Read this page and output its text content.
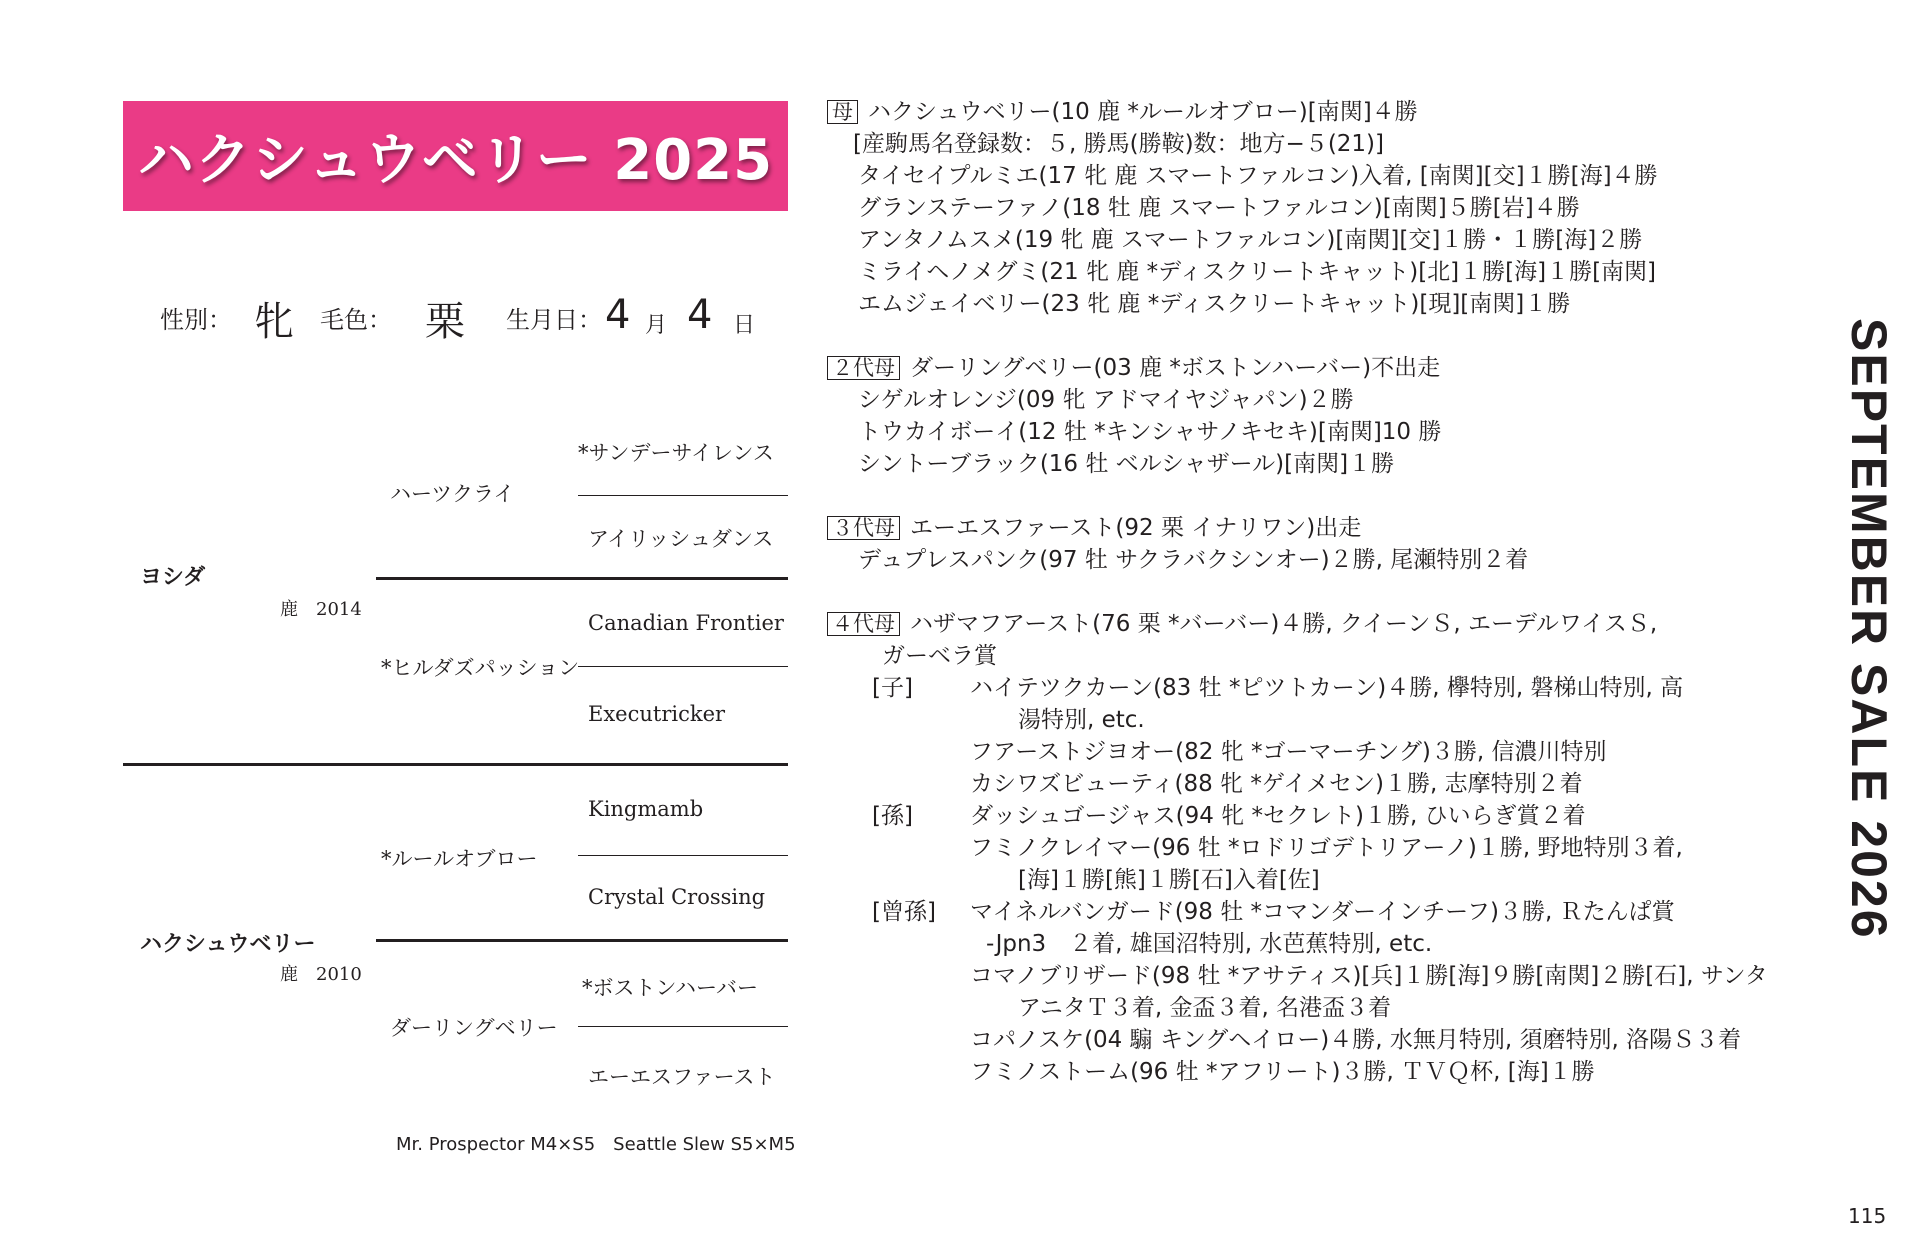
ハクシュウベリー 2025
性別： 牝 毛色： 栗 生月日： 4 月 4 日
*サンデーサイレンス
ハーツクライ
アイリッシュダンス
ヨシダ
鹿　2014
Canadian Frontier
*ヒルダズパッション
Executricker
Kingmamb
*ルールオブロー
Crystal Crossing
ハクシュウベリー
鹿　2010
*ボストンハーバー
ダーリングベリー
エーエスファースト
Mr. Prospector M4×S5　Seattle Slew S5×M5
母 ハクシュウベリー(10 鹿 *ルールオブロー)[南関]４勝
[産駒馬名登録数：５, 勝馬(勝鞍)数：地方−５(21)]
タイセイプルミエ(17 牝 鹿 スマートファルコン)入着, [南関][交]１勝[海]４勝
グランステーファノ(18 牡 鹿 スマートファルコン)[南関]５勝[岩]４勝
アンタノムスメ(19 牝 鹿 スマートファルコン)[南関][交]１勝・１勝[海]２勝
ミライヘノメグミ(21 牝 鹿 *ディスクリートキャット)[北]１勝[海]１勝[南関]
エムジェイベリー(23 牝 鹿 *ディスクリートキャット)[現][南関]１勝
２代母 ダーリングベリー(03 鹿 *ボストンハーバー)不出走
シゲルオレンジ(09 牝 アドマイヤジャパン)２勝
トウカイボーイ(12 牡 *キンシャサノキセキ)[南関]10 勝
シントーブラック(16 牡 ベルシャザール)[南関]１勝
３代母 エーエスファースト(92 栗 イナリワン)出走
デュプレスパンク(97 牡 サクラバクシンオー)２勝, 尾瀬特別２着
４代母 ハザマフアースト(76 栗 *バーバー)４勝, クイーンＳ, エーデルワイスＳ,
ガーベラ賞
[子] ハイテツクカーン(83 牡 *ピツトカーン)４勝, 欅特別, 磐梯山特別, 高
湯特別, etc.
フアーストジヨオー(82 牝 *ゴーマーチング)３勝, 信濃川特別
カシワズビューティ(88 牝 *ゲイメセン)１勝, 志摩特別２着
[孫] ダッシュゴージャス(94 牝 *セクレト)１勝, ひいらぎ賞２着
フミノクレイマー(96 牡 *ロドリゴデトリアーノ)１勝, 野地特別３着,
[海]１勝[熊]１勝[石]入着[佐]
[曾孫] マイネルバンガード(98 牡 *コマンダーインチーフ)３勝, Ｒたんぱ賞
-Jpn3　２着, 雄国沼特別, 水芭蕉特別, etc.
コマノブリザード(98 牡 *アサティス)[兵]１勝[海]９勝[南関]２勝[石], サンタ
アニタＴ３着, 金盃３着, 名港盃３着
コパノスケ(04 騸 キングヘイロー)４勝, 水無月特別, 須磨特別, 洛陽Ｓ３着
フミノストーム(96 牡 *アフリート)３勝, ＴＶＱ杯, [海]１勝
SEPTEMBER SALE 2026
115
